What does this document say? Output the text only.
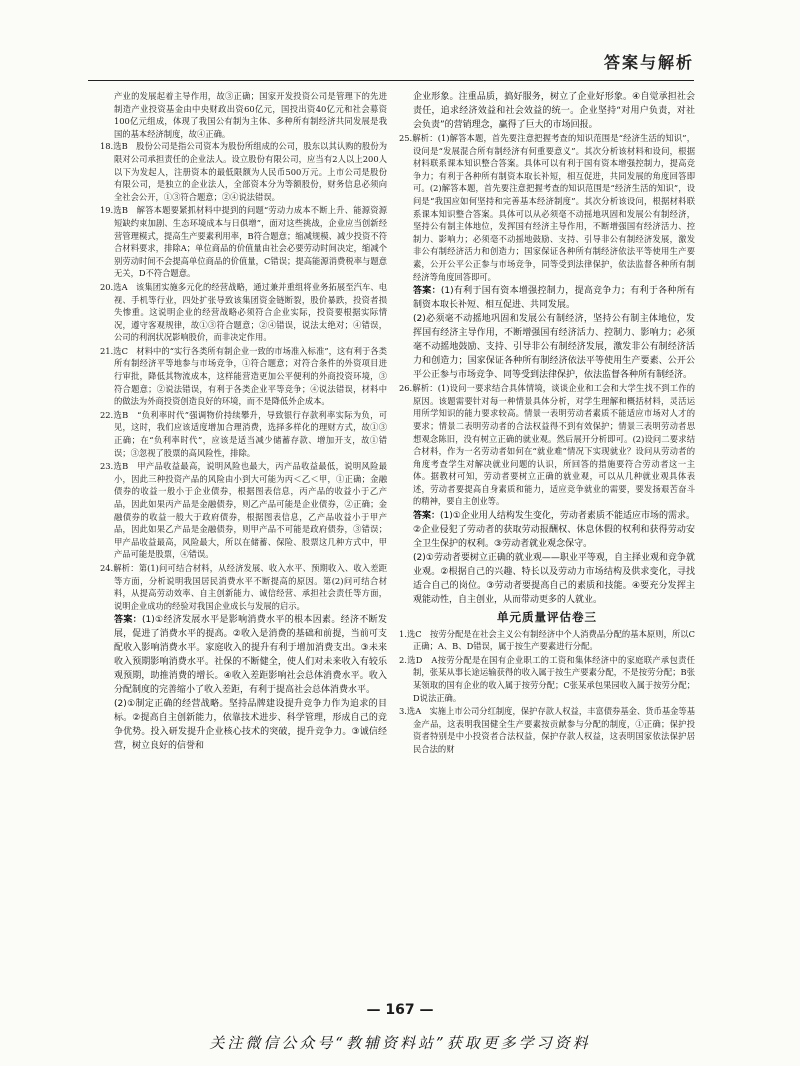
答案与解析

产业的发展起着主导作用，故③正确；国家开发投资公司是管理下的先进制造产业投资基金由中央财政出资60亿元，国投出资40亿元和社会募资100亿元组成，体现了我国公有制为主体、多种所有制经济共同发展是我国的基本经济制度，故④正确。

18.选B　股份公司是指公司资本为股份所组成的公司，股东以其认购的股份为限对公司承担责任的企业法人。设立股份有限公司，应当有2人以上200人以下为发起人，注册资本的最低限额为人民币500万元。上市公司是股份有限公司，是独立的企业法人，全部资本分为等额股份，财务信息必须向全社会公开，①③符合题意；②④说法错误。

19.选B　解答本题要紧抓材料中提到的问题“劳动力成本不断上升、能源资源短缺约束加剧、生态环境成本与日俱增”，面对这些挑战，企业应当创新经营管理模式，提高生产要素利用率，B符合题意；缩减规模、减少投资不符合材料要求，排除A；单位商品的价值量由社会必要劳动时间决定，缩减个别劳动时间不会提高单位商品的价值量，C错误；提高能源消费税率与题意无关，D不符合题意。

20.选A　该集团实施多元化的经营战略，通过兼并重组将业务拓展至汽车、电视、手机等行业，四处扩张导致该集团资金链断裂，股价暴跌，投资者损失惨重。这说明企业的经营战略必须符合企业实际，投资要根据实际情况，遵守客观规律，故①③符合题意；②④错误，说法太绝对；④错误，公司的利润状况影响股价，而非决定作用。

21.选C　材料中的“实行各类所有制企业一致的市场准入标准”，这有利于各类所有制经济平等地参与市场竞争，①符合题意；对符合条件的外资项目进行审批，降低其物流成本，这样能营造更加公平便利的外商投资环境，③符合题意；②说法错误，有利于各类企业平等竞争；④说法错误，材料中的做法为外商投资创造良好的环境，而不是降低外企成本。

22.选B　“负利率时代”强调物价持续攀升，导致银行存款利率实际为负，可见，这时，我们应该适度增加合理消费，选择多样化的理财方式，故①③正确；在“负利率时代”，应该是适当减少储蓄存款、增加开支，故①错误；③忽视了股票的高风险性，排除。

23.选B　甲产品收益最高，说明风险也最大，丙产品收益最低，说明风险最小，因此三种投资产品的风险由小到大可能为丙＜乙＜甲，①正确；金融债券的收益一般小于企业债券，根据图表信息，丙产品的收益小于乙产品，因此如果丙产品是金融债券，则乙产品可能是企业债券，②正确；金融债券的收益一般大于政府债券，根据图表信息，乙产品收益小于甲产品，因此如果乙产品是金融债券，则甲产品不可能是政府债券，③错误；甲产品收益最高，风险最大，所以在储蓄、保险、股票这几种方式中，甲产品可能是股票，④错误。

24.解析：第(1)问可结合材料，从经济发展、收入水平、预期收入、收入差距等方面，分析说明我国居民消费水平不断提高的原因。第(2)问可结合材料，从提高劳动效率、自主创新能力、诚信经营、承担社会责任等方面，说明企业成功的经验对我国企业成长与发展的启示。

答案：(1)①经济发展水平是影响消费水平的根本因素。经济不断发展，促进了消费水平的提高。②收入是消费的基础和前提，当前可支配收入影响消费水平。家庭收入的提升有利于增加消费支出。③未来收入预期影响消费水平。社保的不断健全，使人们对未来收入有较乐观预期，助推消费的增长。④收入差距影响社会总体消费水平。收入分配制度的完善缩小了收入差距，有利于提高社会总体消费水平。

(2)①制定正确的经营战略。坚持品牌建设提升竞争力作为追求的目标。②提高自主创新能力，依靠技术进步、科学管理，形成自己的竞争优势。投入研发提升企业核心技术的突破，提升竞争力。③诚信经营，树立良好的信誉和

企业形象。注重品质，搞好服务，树立了企业好形象。④自觉承担社会责任，追求经济效益和社会效益的统一。企业坚持“对用户负责，对社会负责”的营销理念，赢得了巨大的市场回报。

25.解析：(1)解答本题，首先要注意把握考查的知识范围是“经济生活的知识”，设问是“发展混合所有制经济有何重要意义”。其次分析该材料和设问，根据材料联系课本知识整合答案。具体可以有利于国有资本增强控制力，提高竞争力；有利于各种所有制资本取长补短，相互促进，共同发展的角度回答即可。(2)解答本题，首先要注意把握考查的知识范围是“经济生活的知识”，设问是“我国应如何坚持和完善基本经济制度”。其次分析该设问，根据材料联系课本知识整合答案。具体可以从必须毫不动摇地巩固和发展公有制经济，坚持公有制主体地位，发挥国有经济主导作用，不断增强国有经济活力、控制力、影响力；必须毫不动摇地鼓励、支持、引导非公有制经济发展，激发非公有制经济活力和创造力；国家保证各种所有制经济依法平等使用生产要素，公开公平公正参与市场竞争，同等受到法律保护，依法监督各种所有制经济等角度回答即可。

答案：(1)有利于国有资本增强控制力，提高竞争力；有利于各种所有制资本取长补短、相互促进、共同发展。

(2)必须毫不动摇地巩固和发展公有制经济，坚持公有制主体地位，发挥国有经济主导作用，不断增强国有经济活力、控制力、影响力；必须毫不动摇地鼓励、支持、引导非公有制经济发展，激发非公有制经济活力和创造力；国家保证各种所有制经济依法平等使用生产要素、公开公平公正参与市场竞争、同等受到法律保护，依法监督各种所有制经济。

26.解析：(1)设问一要求结合具体情境，谈谈企业和工会和大学生找不到工作的原因。该题需要针对每一种情景具体分析，对学生理解和概括材料，灵活运用所学知识的能力要求较高。情景一表明劳动者素质不能适应市场对人才的要求；情景二表明劳动者的合法权益得不到有效保护；情景三表明劳动者思想观念陈旧，没有树立正确的就业观。然后展开分析即可。(2)设问二要求结合材料，作为一名劳动者如何在“就业难”情况下实现就业？设问从劳动者的角度考查学生对解决就业问题的认识，所回答的措施要符合劳动者这一主体。据教材可知，劳动者要树立正确的就业观，可以从几种就业观具体表述，劳动者要提高自身素质和能力，适应竞争就业的需要，要发扬艰苦奋斗的精神，要自主创业等。

答案：(1)①企业用人结构发生变化，劳动者素质不能适应市场的需求。②企业侵犯了劳动者的获取劳动报酬权、休息休假的权利和获得劳动安全卫生保护的权利。③劳动者就业观念保守。

(2)①劳动者要树立正确的就业观——职业平等观，自主择业观和竞争就业观。②根据自己的兴趣、特长以及劳动力市场结构及供求变化，寻找适合自己的岗位。③劳动者要提高自己的素质和技能。④要充分发挥主观能动性，自主创业，从而带动更多的人就业。

单元质量评估卷三

1.选C　按劳分配是在社会主义公有制经济中个人消费品分配的基本原则，所以C正确；A、B、D错误，属于按生产要素进行分配。

2.选D　A按劳分配是在国有企业职工的工资和集体经济中的家庭联产承包责任制，张某从事长途运输获得的收入属于按生产要素分配，不是按劳分配；B张某领取的国有企业的收入属于按劳分配；C张某承包果园收入属于按劳分配；D说法正确。

3.选A　实施上市公司分红制度，保护存款人权益，丰富债券基金、货币基金等基金产品，这表明我国健全生产要素按贡献参与分配的制度，①正确；保护投资者特别是中小投资者合法权益，保护存款人权益，这表明国家依法保护居民合法的财

— 167 —
关注微信公众号“教辅资料站”获取更多学习资料
